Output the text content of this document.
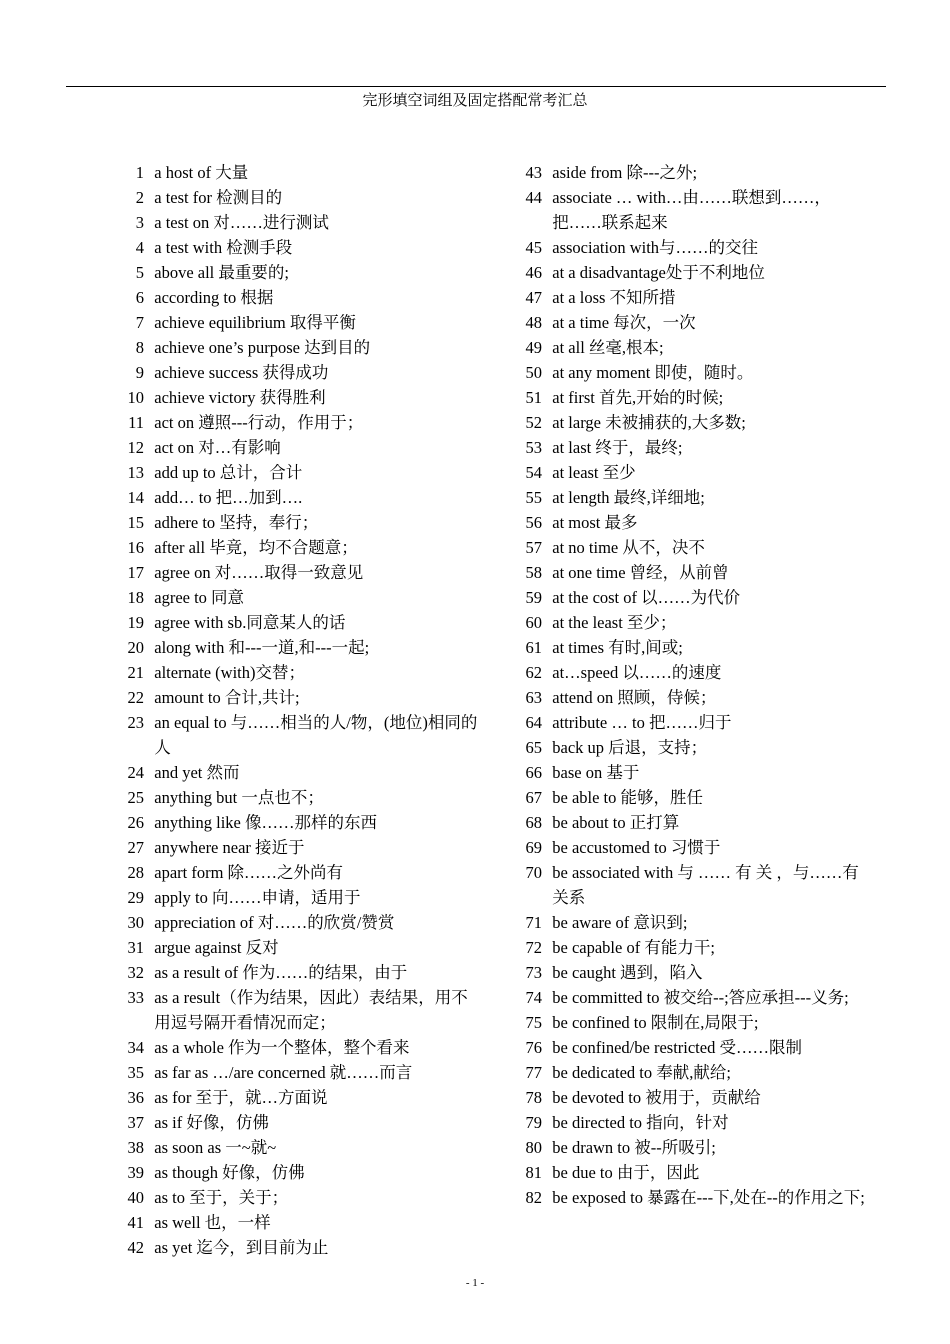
完形填空词组及固定搭配常考汇总
1
a host of 大量
2
a test for 检测目的
3
a test on 对……进行测试
4
a test with 检测手段
5
above all 最重要的;
6
according to 根据
7
achieve equilibrium 取得平衡
8
achieve one’s purpose 达到目的
9
achieve success 获得成功
10
achieve victory 获得胜利
11
act on 遵照---行动，作用于；
12
act on 对…有影响
13
add up to 总计，合计
14
add… to 把…加到….
15
adhere to 坚持，奉行；
16
after all 毕竟，均不合题意；
17
agree on 对……取得一致意见
18
agree to 同意
19
agree with sb.同意某人的话
20
along with 和---一道,和---一起;
21
alternate (with)交替；
22
amount to 合计,共计;
23
an equal to 与……相当的人/物，(地位)相同的人
24
and yet 然而
25
anything but 一点也不；
26
anything like 像……那样的东西
27
anywhere near 接近于
28
apart form 除……之外尚有
29
apply to 向……申请，适用于
30
appreciation of 对……的欣赏/赞赏
31
argue against 反对
32
as a result of 作为……的结果，由于
33
as a result（作为结果，因此）表结果，用不用逗号隔开看情况而定；
34
as a whole 作为一个整体，整个看来
35
as far as …/are concerned 就……而言
36
as for 至于，就…方面说
37
as if 好像，仿佛
38
as soon as 一~就~
39
as though 好像，仿佛
40
as to 至于，关于；
41
as well 也，一样
42
as yet 迄今，到目前为止
43
aside from 除---之外;
44
associate … with…由……联想到……，把……联系起来
45
association with与……的交往
46
at a disadvantage处于不利地位
47
at a loss 不知所措
48
at a time 每次，一次
49
at all 丝毫,根本;
50
at any moment 即使，随时。
51
at first 首先,开始的时候;
52
at large 未被捕获的,大多数;
53
at last 终于，最终;
54
at least 至少
55
at length 最终,详细地;
56
at most 最多
57
at no time 从不，决不
58
at one time 曾经，从前曾
59
at the cost of 以……为代价
60
at the least 至少；
61
at times 有时,间或;
62
at…speed 以……的速度
63
attend on 照顾，侍候；
64
attribute … to 把……归于
65
back up 后退，支持；
66
base on 基于
67
be able to 能够，胜任
68
be about to 正打算
69
be accustomed to 习惯于
70
be associated with 与 …… 有 关 ，与……有关系
71
be aware of 意识到;
72
be capable of 有能力干;
73
be caught 遇到，陷入
74
be committed to 被交给--;答应承担---义务;
75
be confined to 限制在,局限于;
76
be confined/be restricted 受……限制
77
be dedicated to 奉献,献给;
78
be devoted to 被用于，贡献给
79
be directed to 指向，针对
80
be drawn to 被--所吸引;
81
be due to 由于，因此
82
be exposed to 暴露在---下,处在--的作用之下;
- 1 -
